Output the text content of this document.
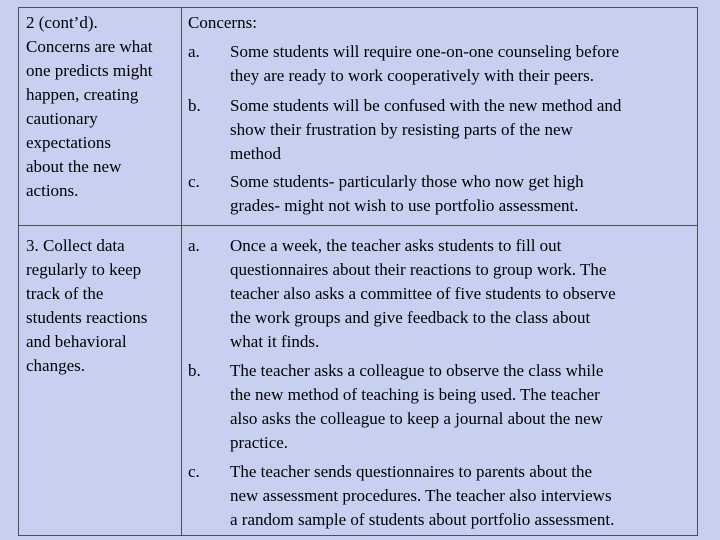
2 (cont’d).
Concerns are what
one predicts might
happen, creating
cautionary
expectations
about the new
actions.
Concerns:
a. Some students will require one-on-one counseling before
they are ready to work cooperatively with their peers.
b. Some students will be confused with the new method and
show their frustration by resisting parts of the new
method
c. Some students- particularly those who now get high
grades- might not wish to use portfolio assessment.
3. Collect data
regularly to keep
track of the
students reactions
and behavioral
changes.
a. Once a week, the teacher asks students to fill out
questionnaires about their reactions to group work. The
teacher also asks a committee of five students to observe
the work groups and give feedback to the class about
what it finds.
b. The teacher asks a colleague to observe the class while
the new method of teaching is being used. The teacher
also asks the colleague to keep a journal about the new
practice.
c. The teacher sends questionnaires to parents about the
new assessment procedures. The teacher also interviews
a random sample of students about portfolio assessment.
